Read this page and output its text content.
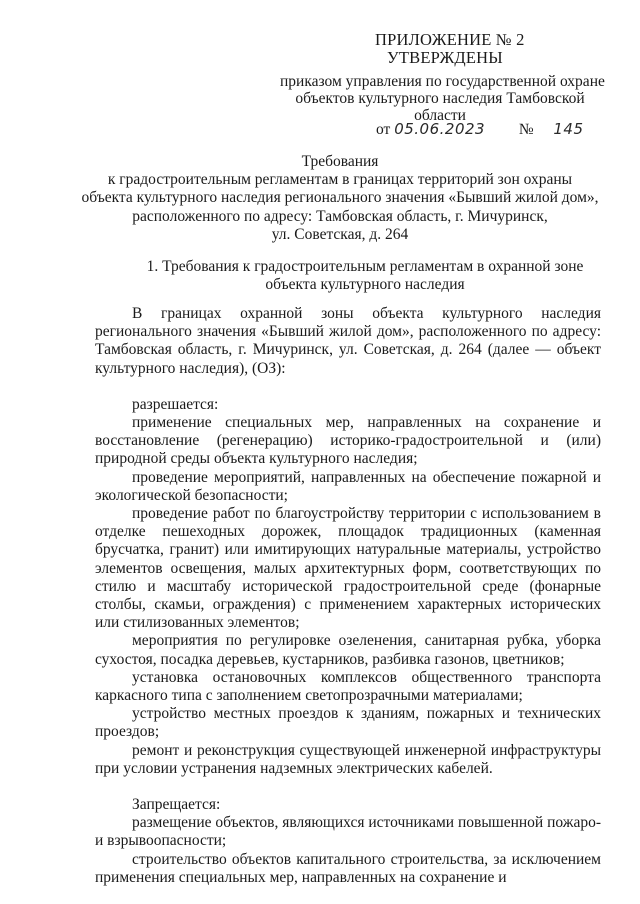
ПРИЛОЖЕНИЕ № 2
УТВЕРЖДЕНЫ
приказом управления по государственной охране
объектов культурного наследия Тамбовской
области
от 05.06.2023 № 145
Требования
к градостроительным регламентам в границах территорий зон охраны
объекта культурного наследия регионального значения «Бывший жилой дом»,
расположенного по адресу: Тамбовская область, г. Мичуринск,
ул. Советская, д. 264
1. Требования к градостроительным регламентам в охранной зоне
объекта культурного наследия

В границах охранной зоны объекта культурного наследия регионального значения «Бывший жилой дом», расположенного по адресу: Тамбовская область, г. Мичуринск, ул. Советская, д. 264 (далее — объект культурного наследия), (ОЗ):

разрешается:

применение специальных мер, направленных на сохранение и восстановление (регенерацию) историко-градостроительной и (или) природной среды объекта культурного наследия;

проведение мероприятий, направленных на обеспечение пожарной и экологической безопасности;

проведение работ по благоустройству территории с использованием в отделке пешеходных дорожек, площадок традиционных (каменная брусчатка, гранит) или имитирующих натуральные материалы, устройство элементов освещения, малых архитектурных форм, соответствующих по стилю и масштабу исторической градостроительной среде (фонарные столбы, скамьи, ограждения) с применением характерных исторических или стилизованных элементов;

мероприятия по регулировке озеленения, санитарная рубка, уборка сухостоя, посадка деревьев, кустарников, разбивка газонов, цветников;

установка остановочных комплексов общественного транспорта каркасного типа с заполнением светопрозрачными материалами;

устройство местных проездов к зданиям, пожарных и технических проездов;

ремонт и реконструкция существующей инженерной инфраструктуры при условии устранения надземных электрических кабелей.

Запрещается:

размещение объектов, являющихся источниками повышенной пожаро- и взрывоопасности;

строительство объектов капитального строительства, за исключением применения специальных мер, направленных на сохранение и
